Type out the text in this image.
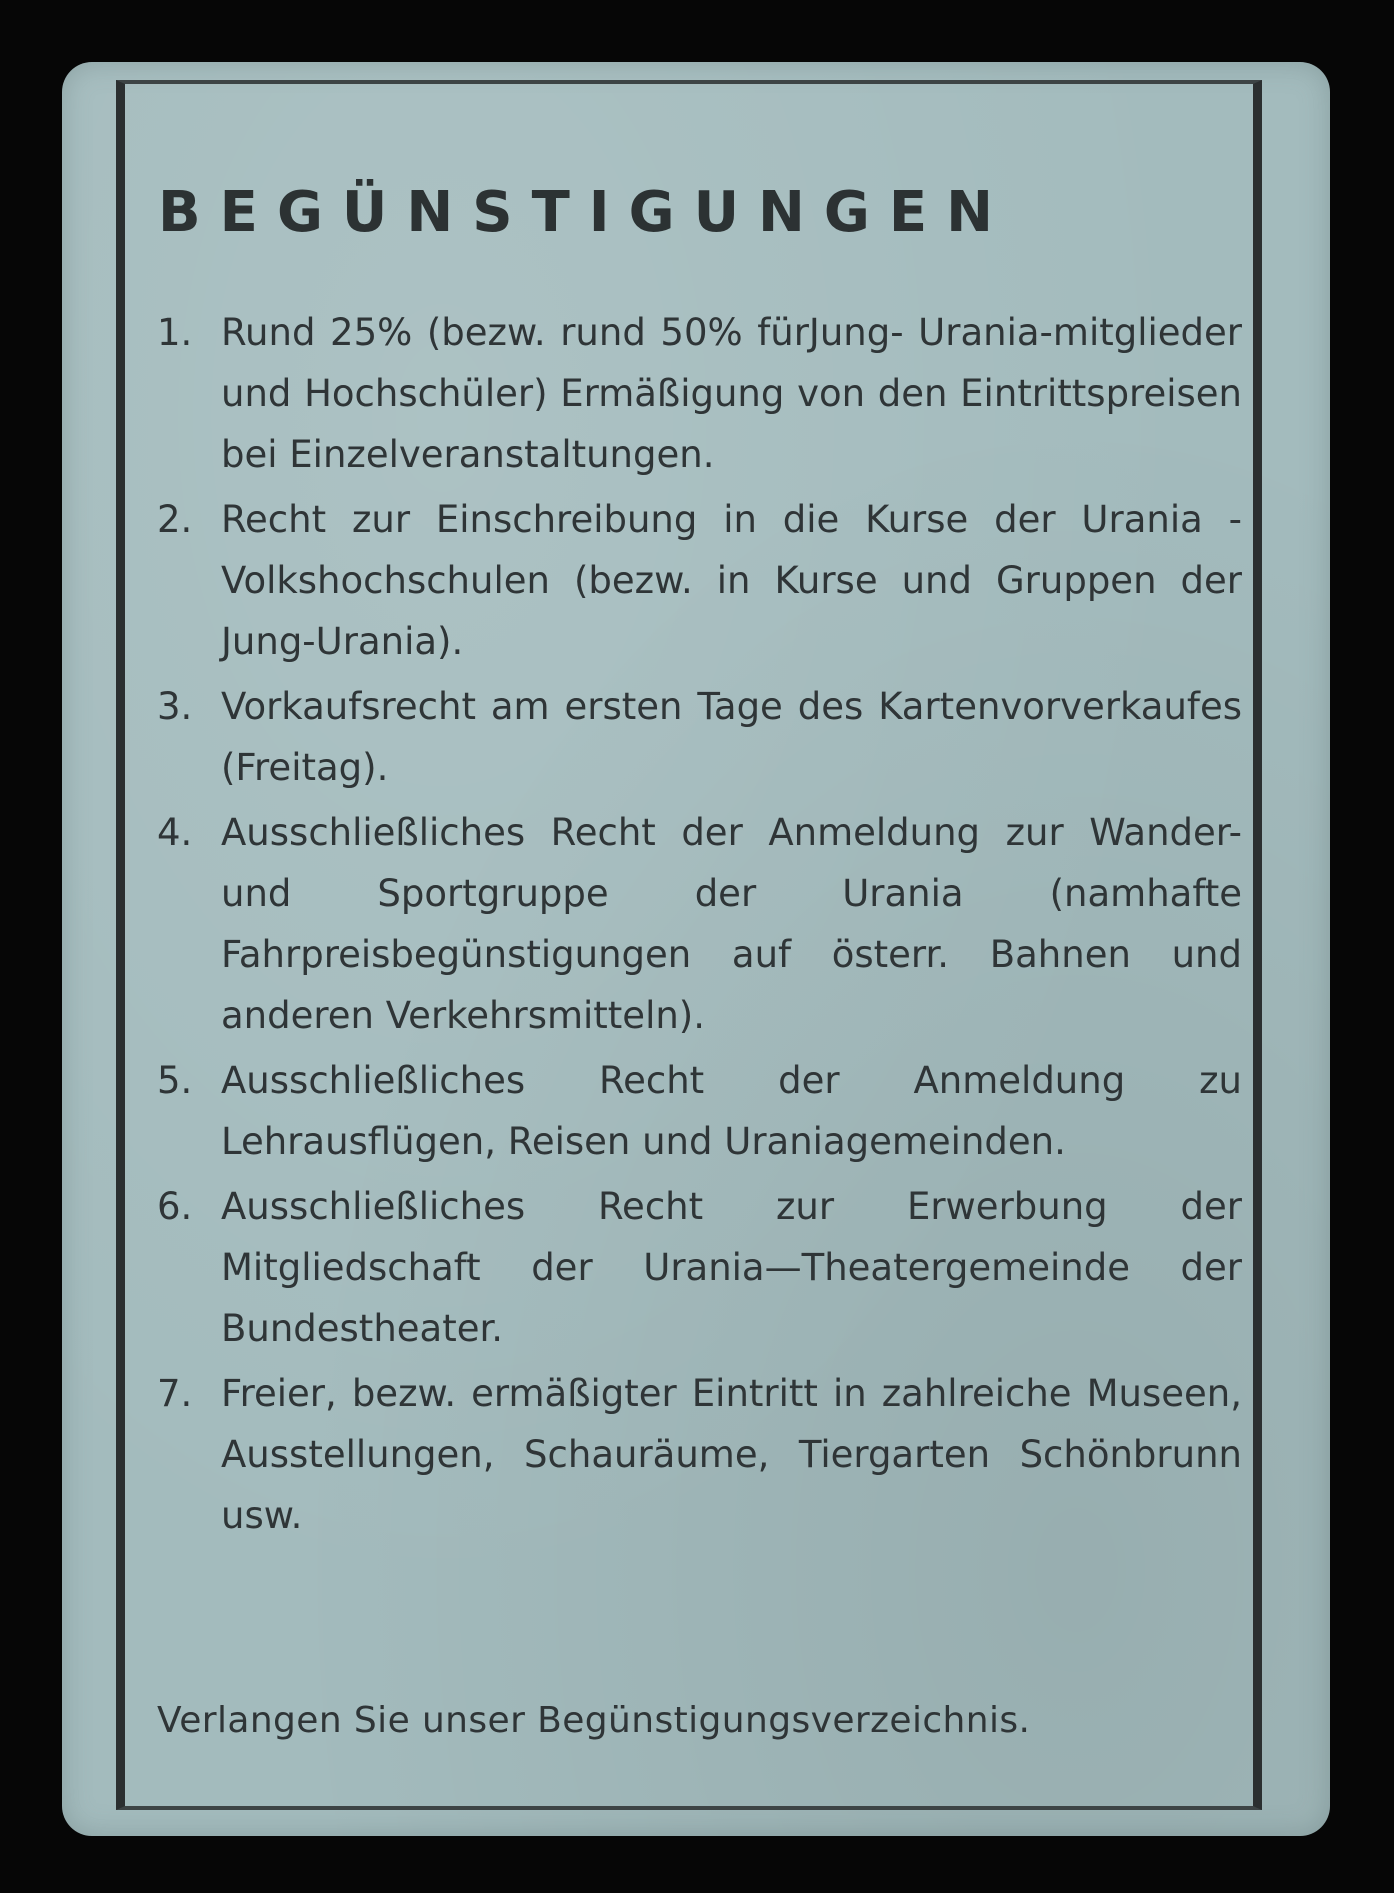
BEGÜNSTIGUNGEN
1. Rund 25% (bezw. rund 50% fürJung- Urania-mitglieder und Hochschüler) Ermäßigung von den Eintrittspreisen bei Einzelveranstaltungen.
2. Recht zur Einschreibung in die Kurse der Urania - Volkshochschulen (bezw. in Kurse und Gruppen der Jung-Urania).
3. Vorkaufsrecht am ersten Tage des Kartenvorverkaufes (Freitag).
4. Ausschließliches Recht der Anmeldung zur Wander- und Sportgruppe der Urania (namhafte Fahrpreisbegünstigungen auf österr. Bahnen und anderen Verkehrsmitteln).
5. Ausschließliches Recht der Anmeldung zu Lehrausflügen, Reisen und Uraniagemeinden.
6. Ausschließliches Recht zur Erwerbung der Mitgliedschaft der Urania—Theatergemeinde der Bundestheater.
7. Freier, bezw. ermäßigter Eintritt in zahlreiche Museen, Ausstellungen, Schauräume, Tiergarten Schönbrunn usw.

Verlangen Sie unser Begünstigungsverzeichnis.
